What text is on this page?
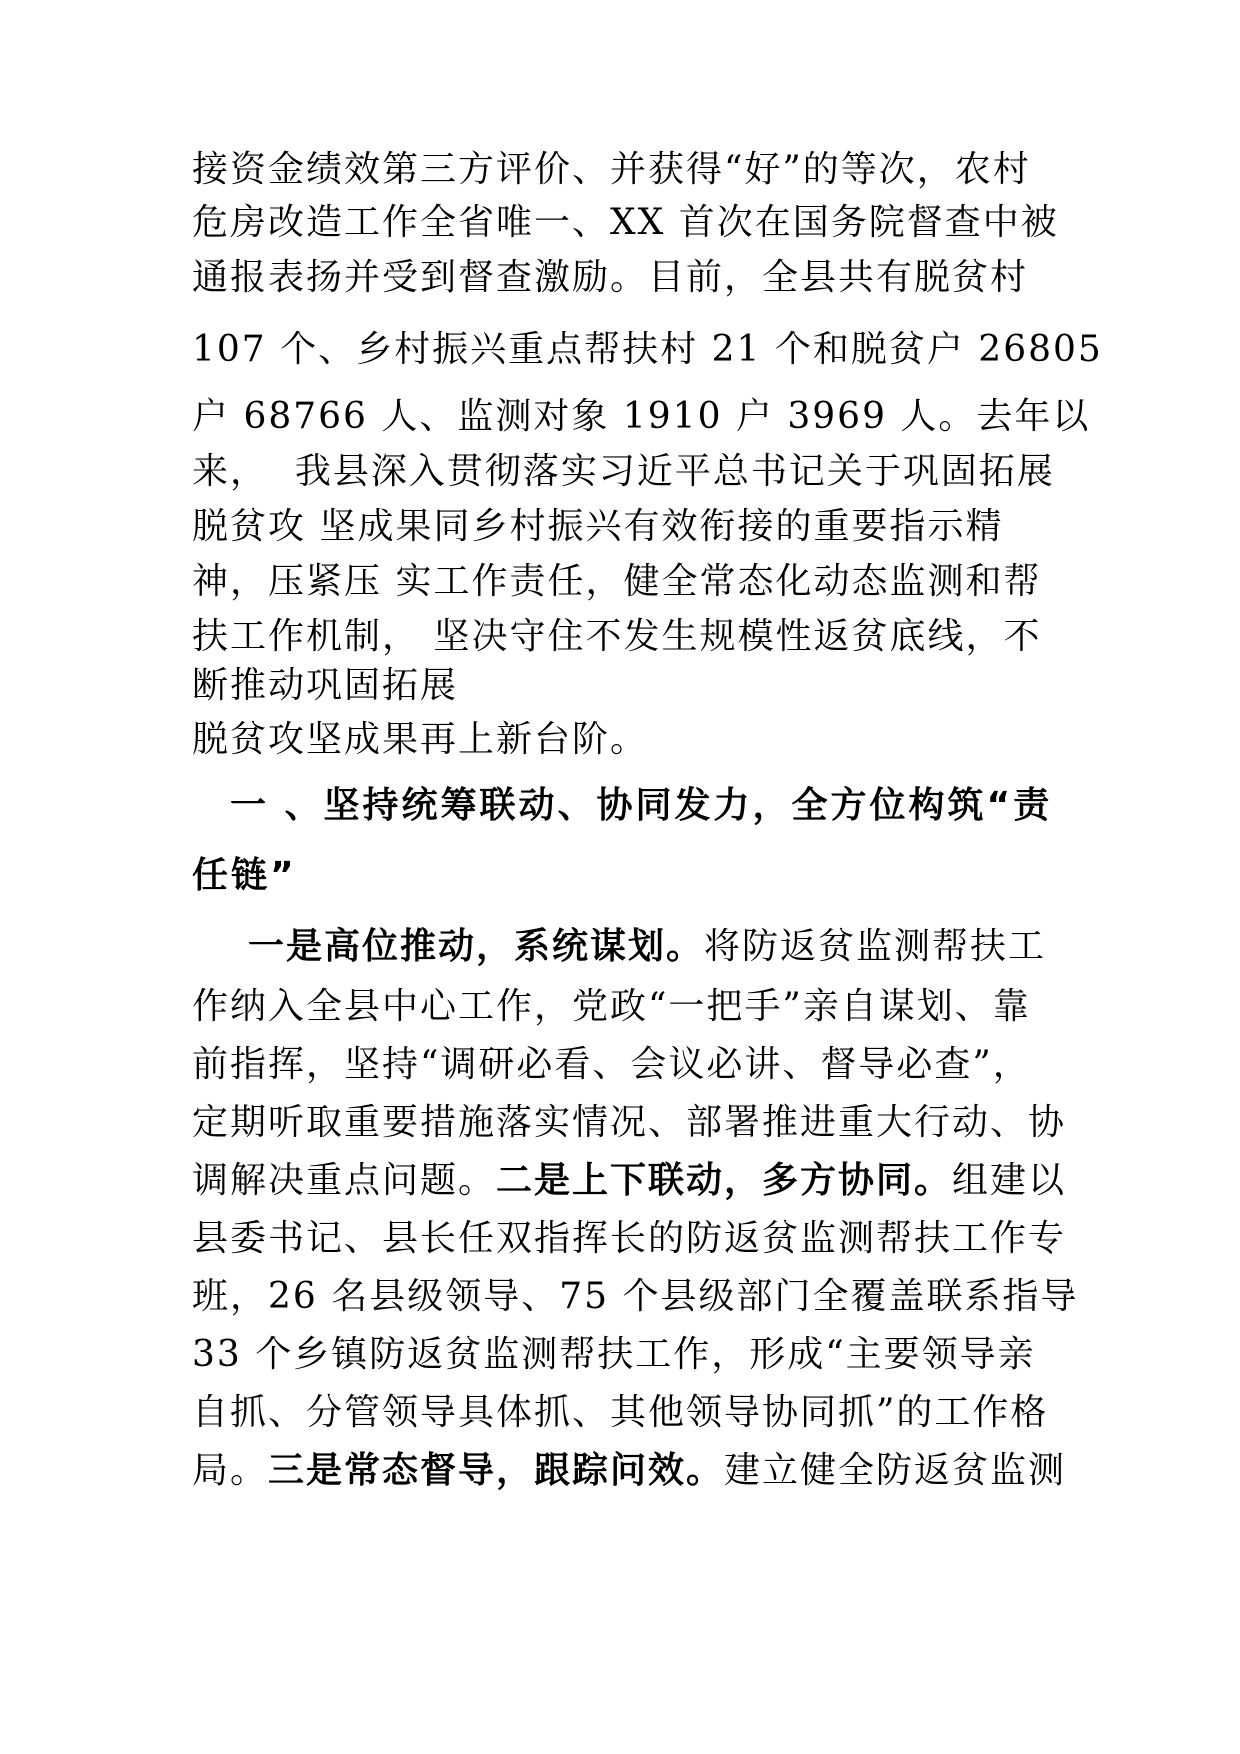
接资金绩效第三方评价、并获得“好”的等次，农村
危房改造工作全省唯一、XX 首次在国务院督查中被
通报表扬并受到督查激励。目前，全县共有脱贫村
107 个、乡村振兴重点帮扶村 21 个和脱贫户 26805
户 68766 人、监测对象 1910 户 3969 人。去年以
来，  我县深入贯彻落实习近平总书记关于巩固拓展
脱贫攻 坚成果同乡村振兴有效衔接的重要指示精
神，压紧压 实工作责任，健全常态化动态监测和帮
扶工作机制， 坚决守住不发生规模性返贫底线，不
断推动巩固拓展
脱贫攻坚成果再上新台阶。
一 、坚持统筹联动、协同发力，全方位构筑“责
任链”
一是高位推动，系统谋划。将防返贫监测帮扶工
作纳入全县中心工作，党政“一把手”亲自谋划、靠
前指挥，坚持“调研必看、会议必讲、督导必查”，
定期听取重要措施落实情况、部署推进重大行动、协
调解决重点问题。二是上下联动，多方协同。组建以
县委书记、县长任双指挥长的防返贫监测帮扶工作专
班，26 名县级领导、75 个县级部门全覆盖联系指导
33 个乡镇防返贫监测帮扶工作，形成“主要领导亲
自抓、分管领导具体抓、其他领导协同抓”的工作格
局。三是常态督导，跟踪问效。建立健全防返贫监测
